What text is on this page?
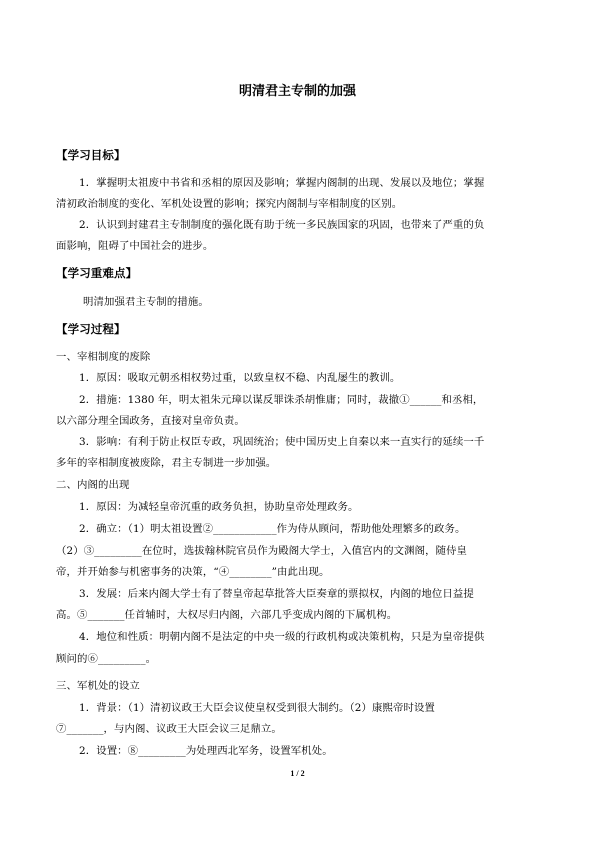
明清君主专制的加强
【学习目标】
1．掌握明太祖废中书省和丞相的原因及影响；掌握内阁制的出现、发展以及地位；掌握
清初政治制度的变化、军机处设置的影响；探究内阁制与宰相制度的区别。
2．认识到封建君主专制制度的强化既有助于统一多民族国家的巩固，也带来了严重的负
面影响，阻碍了中国社会的进步。
【学习重难点】
明清加强君主专制的措施。
【学习过程】
一、宰相制度的废除
1．原因：吸取元朝丞相权势过重，以致皇权不稳、内乱屡生的教训。
2．措施：1380 年，明太祖朱元璋以谋反罪诛杀胡惟庸；同时，裁撤①______和丞相，
以六部分理全国政务，直接对皇帝负责。
3．影响：有利于防止权臣专政，巩固统治；使中国历史上自秦以来一直实行的延续一千
多年的宰相制度被废除，君主专制进一步加强。
二、内阁的出现
1．原因：为减轻皇帝沉重的政务负担，协助皇帝处理政务。
2．确立：（1）明太祖设置②____________作为侍从顾问，帮助他处理繁多的政务。
（2）③_________在位时，选拔翰林院官员作为殿阁大学士，入值宫内的文渊阁，随侍皇
帝，并开始参与机密事务的决策，“④________”由此出现。
3．发展：后来内阁大学士有了替皇帝起草批答大臣奏章的票拟权，内阁的地位日益提
高。⑤_______任首辅时，大权尽归内阁，六部几乎变成内阁的下属机构。
4．地位和性质：明朝内阁不是法定的中央一级的行政机构或决策机构，只是为皇帝提供
顾问的⑥_________。
三、军机处的设立
1．背景：（1）清初议政王大臣会议使皇权受到很大制约。（2）康熙帝时设置
⑦_______，与内阁、议政王大臣会议三足鼎立。
2．设置：⑧_________为处理西北军务，设置军机处。
1 / 2
